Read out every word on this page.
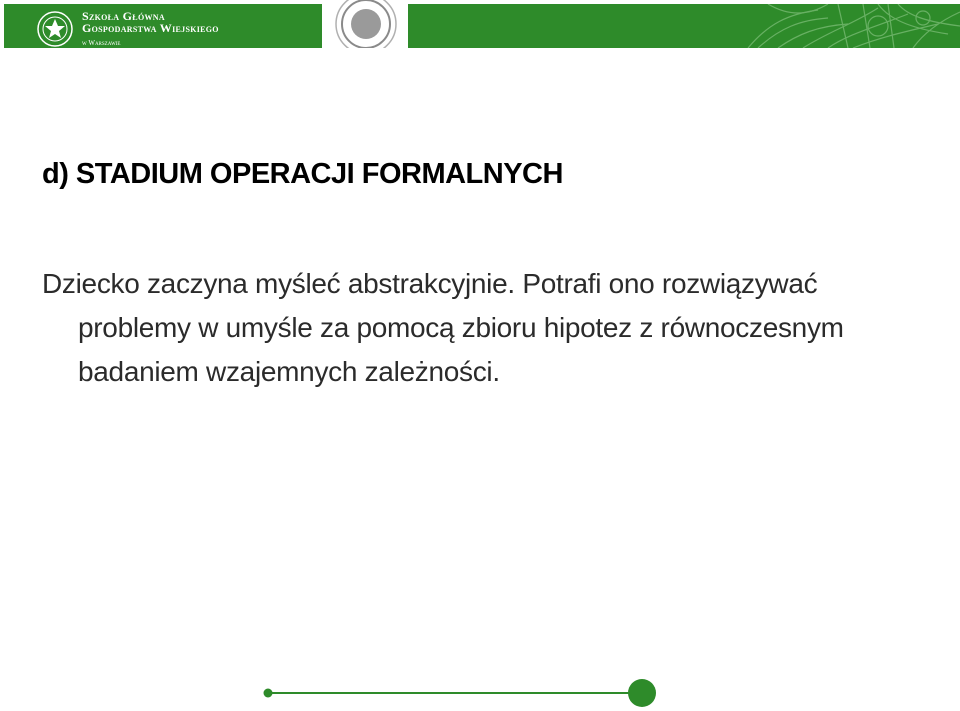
Szkoła Główna
Gospodarstwa Wiejskiego
w Warszawie
d) STADIUM OPERACJI FORMALNYCH

Dziecko zaczyna myśleć abstrakcyjnie. Potrafi ono rozwiązywać problemy w umyśle za pomocą zbioru hipotez z równoczesnym badaniem wzajemnych zależności.
